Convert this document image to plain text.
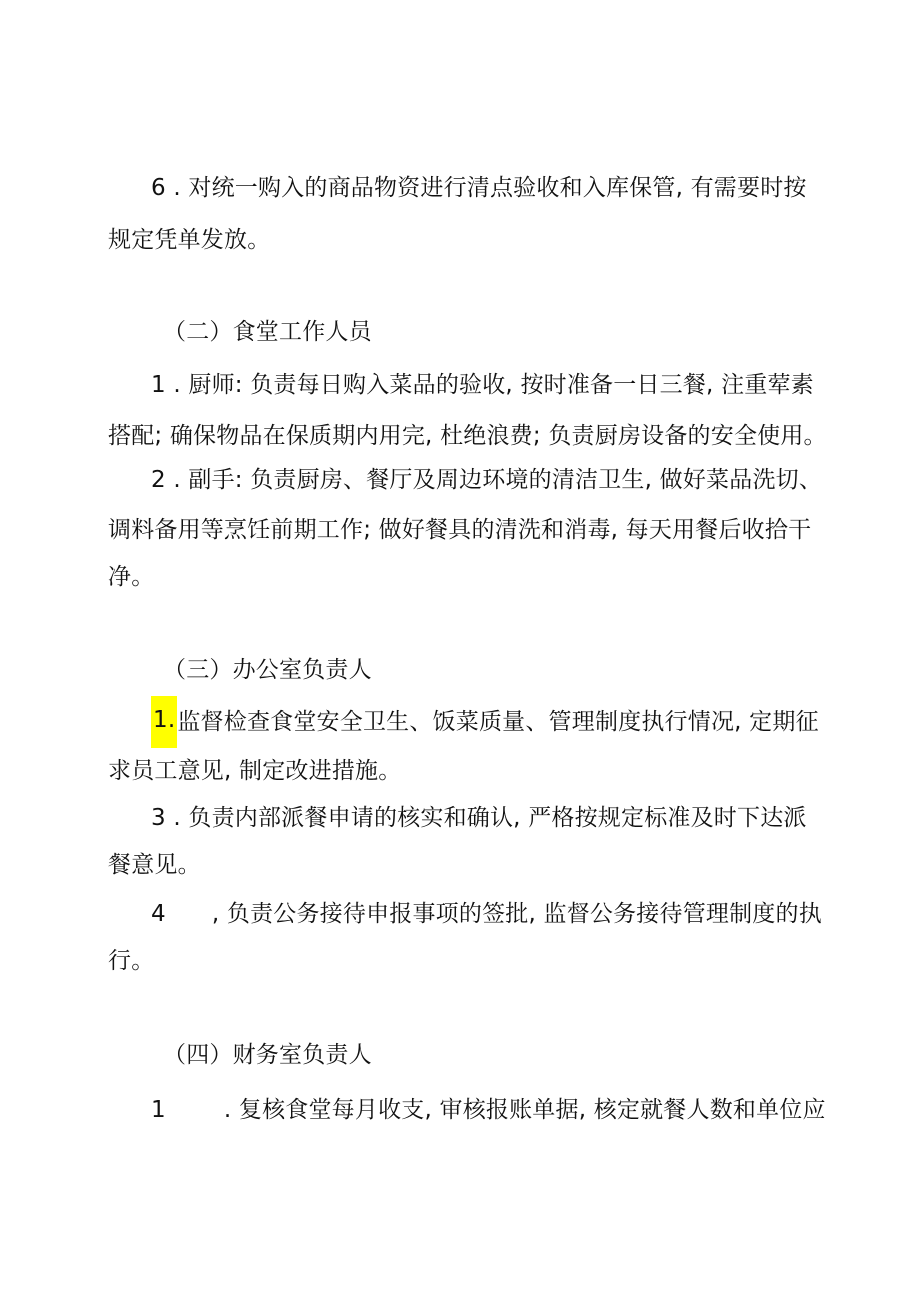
6 . 对统一购入的商品物资进行清点验收和入库保管, 有需要时按
规定凭单发放。
（二）食堂工作人员
1 . 厨师: 负责每日购入菜品的验收, 按时准备一日三餐, 注重荤素
搭配; 确保物品在保质期内用完, 杜绝浪费; 负责厨房设备的安全使用。
2 . 副手: 负责厨房、餐厅及周边环境的清洁卫生, 做好菜品洗切、
调料备用等烹饪前期工作; 做好餐具的清洗和消毒, 每天用餐后收拾干
净。
（三）办公室负责人
1.监督检查食堂安全卫生、饭菜质量、管理制度执行情况, 定期征
求员工意见, 制定改进措施。
3 . 负责内部派餐申请的核实和确认, 严格按规定标准及时下达派
餐意见。
4 , 负责公务接待申报事项的签批, 监督公务接待管理制度的执
行。
（四）财务室负责人
1	. 复核食堂每月收支, 审核报账单据, 核定就餐人数和单位应
